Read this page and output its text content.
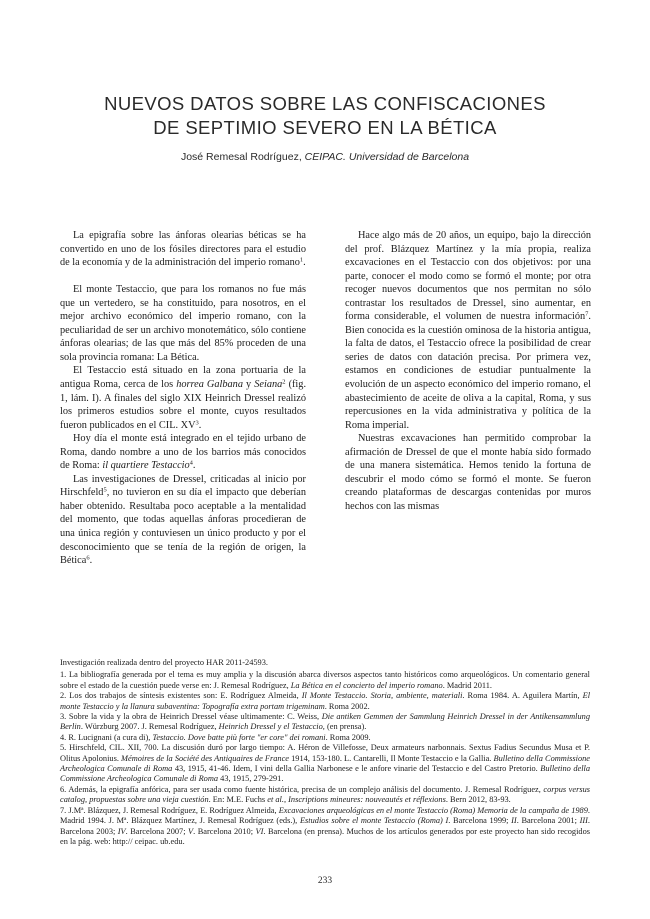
NUEVOS DATOS SOBRE LAS CONFISCACIONES
DE SEPTIMIO SEVERO EN LA BÉTICA
José Remesal Rodríguez, CEIPAC. Universidad de Barcelona

La epigrafía sobre las ánforas olearias béticas se ha convertido en uno de los fósiles directores para el estudio de la economía y de la administración del imperio romano$^1$.

El monte Testaccio, que para los romanos no fue más que un vertedero, se ha constituido, para nosotros, en el mejor archivo económico del imperio romano, con la peculiaridad de ser un archivo monotemático, sólo contiene ánforas olearias; de las que más del 85% proceden de una sola provincia romana: La Bética.

El Testaccio está situado en la zona portuaria de la antigua Roma, cerca de los horrea Galbana y Seiana$^2$ (fig. 1, lám. I). A finales del siglo XIX Heinrich Dressel realizó los primeros estudios sobre el monte, cuyos resultados fueron publicados en el CIL. $XV^3$.

Hoy día el monte está integrado en el tejido urbano de Roma, dando nombre a uno de los barrios más conocidos de Roma: il quartiere Testaccio$^4$.

Las investigaciones de Dressel, criticadas al inicio por Hirschfeld$^5$, no tuvieron en su día el impacto que deberían haber obtenido. Resultaba poco aceptable a la mentalidad del momento, que todas aquellas ánforas procedieran de una única región y contuviesen un único producto y por el desconocimiento que se tenía de la región de origen, la Bética$^6$.

Hace algo más de 20 años, un equipo, bajo la dirección del prof. Blázquez Martínez y la mía propia, realiza excavaciones en el Testaccio con dos objetivos: por una parte, conocer el modo como se formó el monte; por otra recoger nuevos documentos que nos permitan no sólo contrastar los resultados de Dressel, sino aumentar, en forma considerable, el volumen de nuestra información$^7$. Bien conocida es la cuestión ominosa de la historia antigua, la falta de datos, el Testaccio ofrece la posibilidad de crear series de datos con datación precisa. Por primera vez, estamos en condiciones de estudiar puntualmente la evolución de un aspecto económico del imperio romano, el abastecimiento de aceite de oliva a la capital, Roma, y sus repercusiones en la vida administrativa y política de la Roma imperial.

Nuestras excavaciones han permitido comprobar la afirmación de Dressel de que el monte había sido formado de una manera sistemática. Hemos tenido la fortuna de descubrir el modo cómo se formó el monte. Se fueron creando plataformas de descargas contenidas por muros hechos con las mismas

Investigación realizada dentro del proyecto HAR 2011-24593.

1. La bibliografía generada por el tema es muy amplia y la discusión abarca diversos aspectos tanto históricos como arqueológicos. Un comentario general sobre el estado de la cuestión puede verse en: J. Remesal Rodríguez, La Bética en el concierto del imperio romano. Madrid 2011.

2. Los dos trabajos de síntesis existentes son: E. Rodríguez Almeida, Il Monte Testaccio. Storia, ambiente, materiali. Roma 1984. A. Aguilera Martín, El monte Testaccio y la llanura subaventina: Topografía extra portam trigeminam. Roma 2002.

3. Sobre la vida y la obra de Heinrich Dressel véase ultimamente: C. Weiss, Die antiken Gemmen der Sammlung Heinrich Dressel in der Antikensammlung Berlin. Würzburg 2007. J. Remesal Rodríguez, Heinrich Dressel y el Testaccio, (en prensa).

4. R. Lucignani (a cura di), Testaccio. Dove batte più forte "er core" dei romani. Roma 2009.

5. Hirschfeld, CIL. XII, 700. La discusión duró por largo tiempo: A. Héron de Villefosse, Deux armateurs narbonnais. Sextus Fadius Secundus Musa et P. Olitus Apolonius. Mémoires de la Société des Antiquaires de France 1914, 153-180. L. Cantarelli, Il Monte Testaccio e la Gallia. Bulletino della Commissione Archeologica Comunale di Roma 43, 1915, 41-46. Idem, I vini della Gallia Narbonese e le anfore vinarie del Testaccio e del Castro Pretorio. Bulletino della Commissione Archeologica Comunale di Roma 43, 1915, 279-291.

6. Además, la epigrafía anfórica, para ser usada como fuente histórica, precisa de un complejo análisis del documento. J. Remesal Rodríguez, corpus versus catalog, propuestas sobre una vieja cuestión. En: M.E. Fuchs et al., Inscriptions mineures: nouveautés et réflexions. Bern 2012, 83-93.

7. J.Mª. Blázquez, J. Remesal Rodríguez, E. Rodríguez Almeida, Excavaciones arqueológicas en el monte Testaccio (Roma) Memoria de la campaña de 1989. Madrid 1994. J. Mª. Blázquez Martínez, J. Remesal Rodríguez (eds.), Estudios sobre el monte Testaccio (Roma) I. Barcelona 1999; II. Barcelona 2001; III. Barcelona 2003; IV. Barcelona 2007; V. Barcelona 2010; VI. Barcelona (en prensa). Muchos de los artículos generados por este proyecto han sido recogidos en la pág. web: http:// ceipac. ub.edu.

233
